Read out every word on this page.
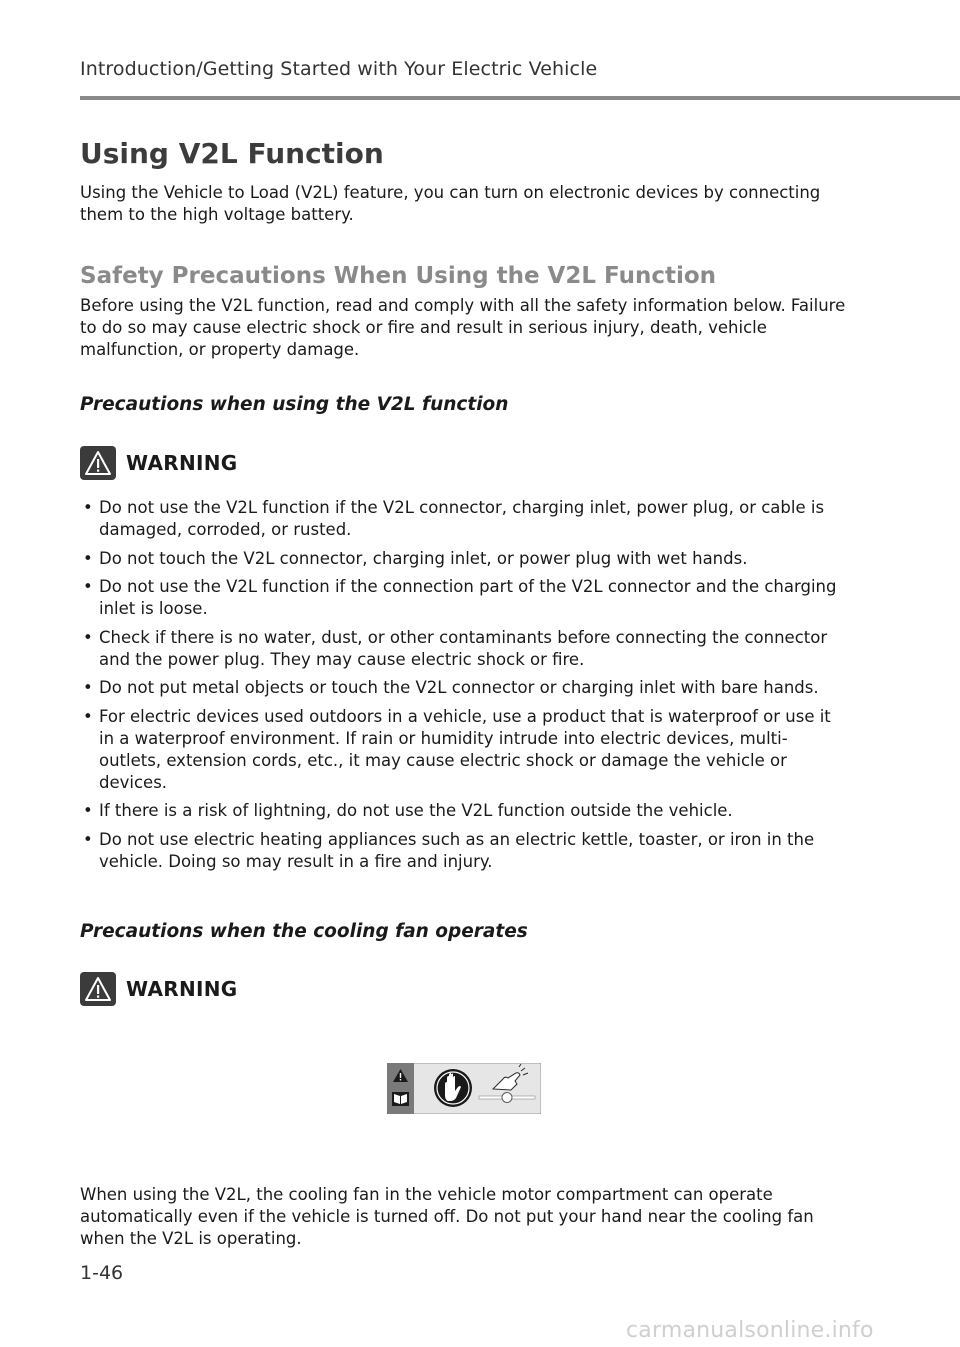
Introduction/Getting Started with Your Electric Vehicle
Using V2L Function

Using the Vehicle to Load (V2L) feature, you can turn on electronic devices by connecting them to the high voltage battery.

Safety Precautions When Using the V2L Function

Before using the V2L function, read and comply with all the safety information below. Failure to do so may cause electric shock or fire and result in serious injury, death, vehicle malfunction, or property damage.

Precautions when using the V2L function
WARNING
• Do not use the V2L function if the V2L connector, charging inlet, power plug, or cable is damaged, corroded, or rusted.
• Do not touch the V2L connector, charging inlet, or power plug with wet hands.
• Do not use the V2L function if the connection part of the V2L connector and the charging inlet is loose.
• Check if there is no water, dust, or other contaminants before connecting the connector and the power plug. They may cause electric shock or fire.
• Do not put metal objects or touch the V2L connector or charging inlet with bare hands.
• For electric devices used outdoors in a vehicle, use a product that is waterproof or use it in a waterproof environment. If rain or humidity intrude into electric devices, multi-outlets, extension cords, etc., it may cause electric shock or damage the vehicle or devices.
• If there is a risk of lightning, do not use the V2L function outside the vehicle.
• Do not use electric heating appliances such as an electric kettle, toaster, or iron in the vehicle. Doing so may result in a fire and injury.
Precautions when the cooling fan operates
WARNING

When using the V2L, the cooling fan in the vehicle motor compartment can operate automatically even if the vehicle is turned off. Do not put your hand near the cooling fan when the V2L is operating.

1-46
carmanualsonline.info
